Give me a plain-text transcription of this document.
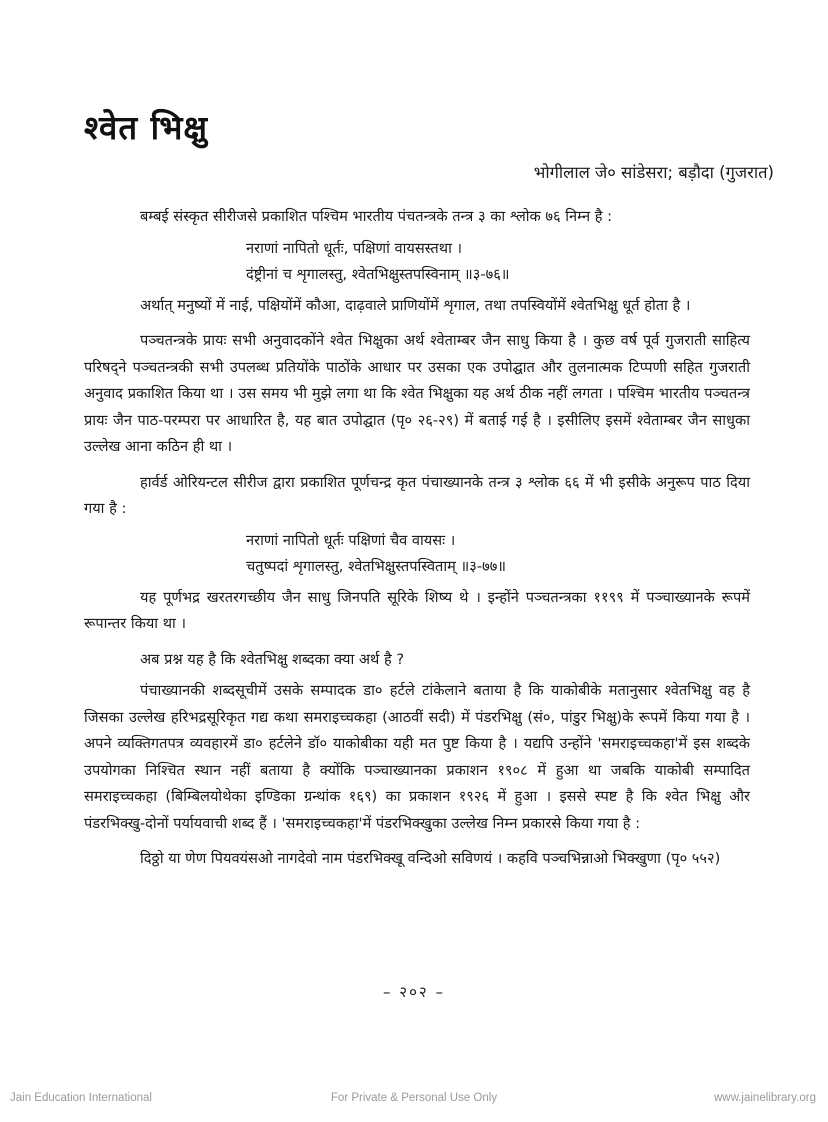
श्वेत भिक्षु
भोगीलाल जे० सांडेसरा; बड़ौदा (गुजरात)

बम्बई संस्कृत सीरीजसे प्रकाशित पश्चिम भारतीय पंचतन्त्रके तन्त्र ३ का श्लोक ७६ निम्न है :

नराणां नापितो धूर्तः, पक्षिणां वायसस्तथा ।

दंष्ट्रीनां च शृगालस्तु, श्वेतभिक्षुस्तपस्विनाम् ॥३-७६॥

अर्थात् मनुष्यों में नाई, पक्षियोंमें कौआ, दाढ़वाले प्राणियोंमें शृगाल, तथा तपस्वियोंमें श्वेतभिक्षु धूर्त होता है ।

पञ्चतन्त्रके प्रायः सभी अनुवादकोंने श्वेत भिक्षुका अर्थ श्वेताम्बर जैन साधु किया है । कुछ वर्ष पूर्व गुजराती साहित्य परिषद्ने पञ्चतन्त्रकी सभी उपलब्ध प्रतियोंके पाठोंके आधार पर उसका एक उपोद्घात और तुलनात्मक टिप्पणी सहित गुजराती अनुवाद प्रकाशित किया था । उस समय भी मुझे लगा था कि श्वेत भिक्षुका यह अर्थ ठीक नहीं लगता । पश्चिम भारतीय पञ्चतन्त्र प्रायः जैन पाठ-परम्परा पर आधारित है, यह बात उपोद्घात (पृ० २६-२९) में बताई गई है । इसीलिए इसमें श्वेताम्बर जैन साधुका उल्लेख आना कठिन ही था ।

हार्वर्ड ओरियन्टल सीरीज द्वारा प्रकाशित पूर्णचन्द्र कृत पंचाख्यानके तन्त्र ३ श्लोक ६६ में भी इसीके अनुरूप पाठ दिया गया है :

नराणां नापितो धूर्तः पक्षिणां चैव वायसः ।

चतुष्पदां शृगालस्तु, श्वेतभिक्षुस्तपस्विताम् ॥३-७७॥

यह पूर्णभद्र खरतरगच्छीय जैन साधु जिनपति सूरिके शिष्य थे । इन्होंने पञ्चतन्त्रका ११९९ में पञ्चाख्यानके रूपमें रूपान्तर किया था ।

अब प्रश्न यह है कि श्वेतभिक्षु शब्दका क्या अर्थ है ?

पंचाख्यानकी शब्दसूचीमें उसके सम्पादक डा० हर्टले टांकेलाने बताया है कि याकोबीके मतानुसार श्वेतभिक्षु वह है जिसका उल्लेख हरिभद्रसूरिकृत गद्य कथा समराइच्चकहा (आठवीं सदी) में पंडरभिक्षु (सं०, पांडुर भिक्षु)के रूपमें किया गया है । अपने व्यक्तिगतपत्र व्यवहारमें डा० हर्टलेने डॉ० याकोबीका यही मत पुष्ट किया है । यद्यपि उन्होंने 'समराइच्चकहा'में इस शब्दके उपयोगका निश्चित स्थान नहीं बताया है क्योंकि पञ्चाख्यानका प्रकाशन १९०८ में हुआ था जबकि याकोबी सम्पादित समराइच्चकहा (बिम्बिलयोथेका इण्डिका ग्रन्थांक १६९) का प्रकाशन १९२६ में हुआ । इससे स्पष्ट है कि श्वेत भिक्षु और पंडरभिक्खु-दोनों पर्यायवाची शब्द हैं । 'समराइच्चकहा'में पंडरभिक्खुका उल्लेख निम्न प्रकारसे किया गया है :

दिठ्ठो या णेण पियवयंसओ नागदेवो नाम पंडरभिक्खू वन्दिओ सविणयं । कहवि पञ्चभिन्नाओ भिक्खुणा (पृ० ५५२)

– २०२ –
Jain Education International	For Private & Personal Use Only	www.jainelibrary.org
